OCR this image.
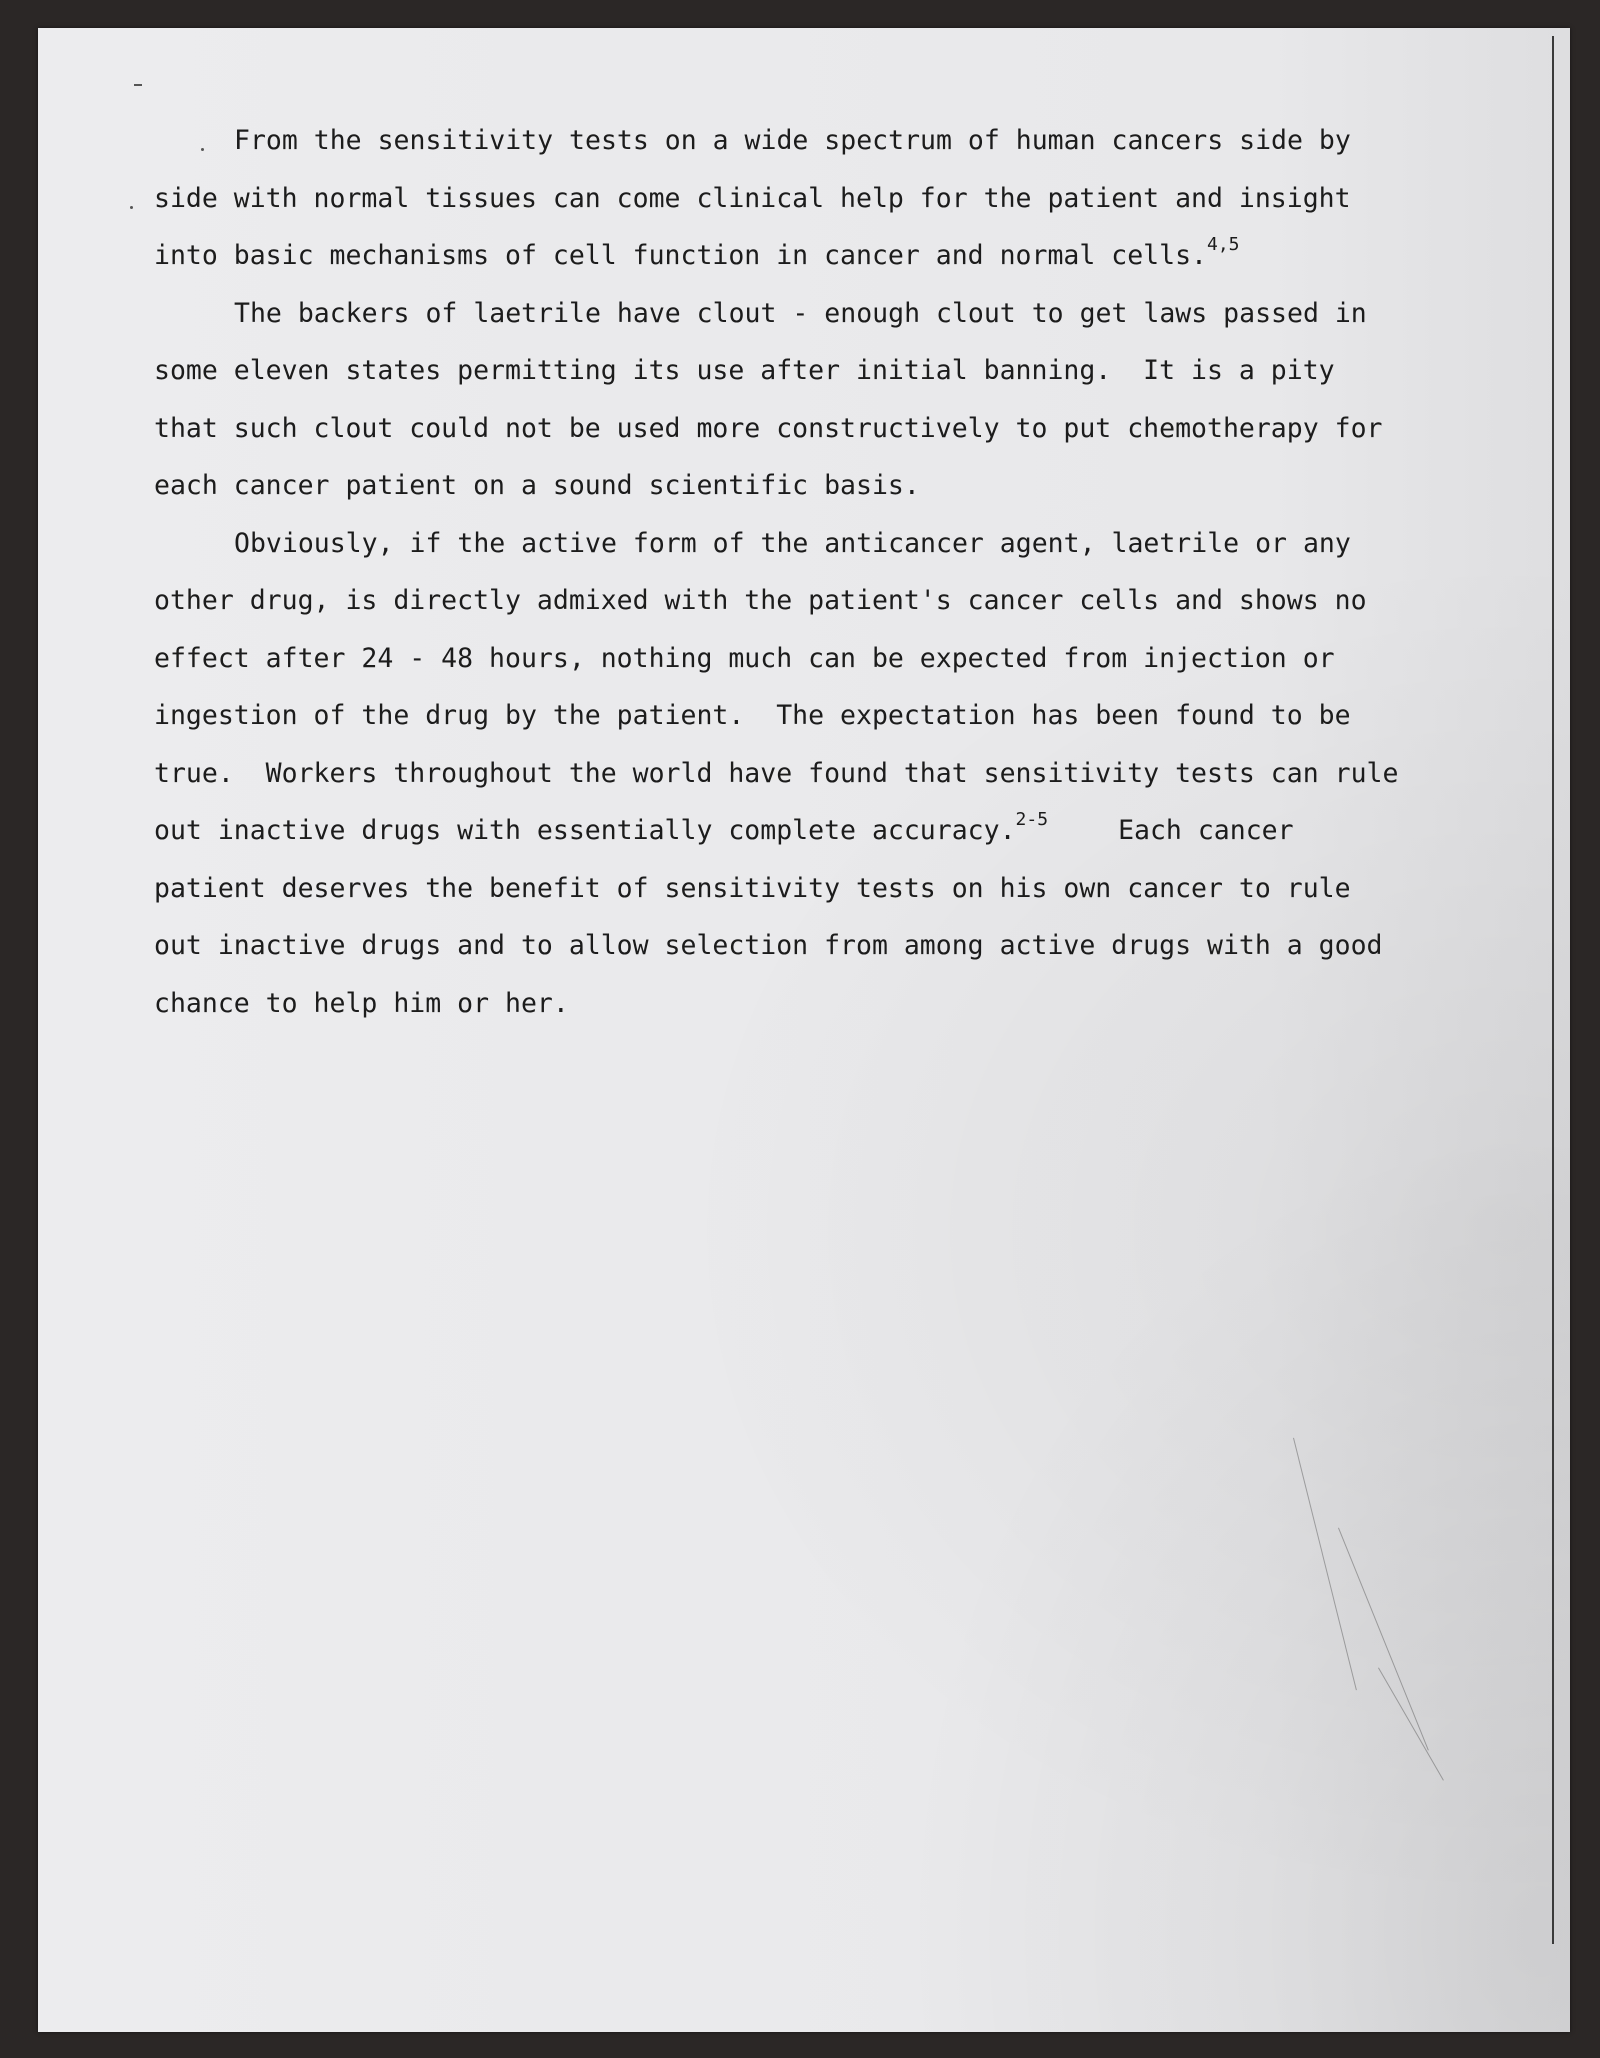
From the sensitivity tests on a wide spectrum of human cancers side by
side with normal tissues can come clinical help for the patient and insight
into basic mechanisms of cell function in cancer and normal cells.$^{4,5}$
The backers of laetrile have clout - enough clout to get laws passed in
some eleven states permitting its use after initial banning.  It is a pity
that such clout could not be used more constructively to put chemotherapy for
each cancer patient on a sound scientific basis.
Obviously, if the active form of the anticancer agent, laetrile or any
other drug, is directly admixed with the patient's cancer cells and shows no
effect after 24 - 48 hours, nothing much can be expected from injection or
ingestion of the drug by the patient.  The expectation has been found to be
true.  Workers throughout the world have found that sensitivity tests can rule
out inactive drugs with essentially complete accuracy.$^{2-5}$	Each cancer
patient deserves the benefit of sensitivity tests on his own cancer to rule
out inactive drugs and to allow selection from among active drugs with a good
chance to help him or her.
